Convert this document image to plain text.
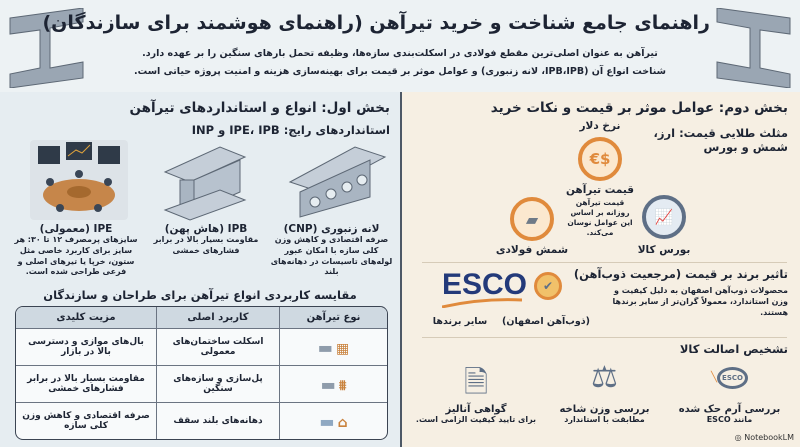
راهنمای جامع شناخت و خرید تیرآهن (راهنمای هوشمند برای سازندگان)
تیرآهن به عنوان اصلی‌ترین مقطع فولادی در اسکلت‌بندی سازه‌ها، وظیفه تحمل بارهای سنگین را بر عهده دارد.
شناخت انواع آن (IPB،IPB، لانه زنبوری) و عوامل موثر بر قیمت برای بهینه‌سازی هزینه و امنیت پروژه حیاتی است.
بخش اول: انواع و استانداردهای تیرآهن
استانداردهای رایج: IPE، IPB و INP
لانه زنبوری (CNP)
صرفه اقتصادی و کاهش وزن کلی سازه با امکان عبور لوله‌های تاسیسات در دهانه‌های بلند
IPB (هاش پهن)
مقاومت بسیار بالا در برابر فشارهای خمشی
IPE (معمولی)
سایزهای پرمصرف ۱۲ تا ۳۰: هر سایز برای کاربرد خاصی مثل ستون، خرپا یا تیرهای اصلی و فرعی طراحی شده است.
مقایسه کاربردی انواع تیرآهن برای طراحان و سازندگان
نوع تیرآهن	کاربرد اصلی	مزیت کلیدی
▦ ▬	اسکلت ساختمان‌های معمولی	بال‌های موازی و دسترسی بالا در بازار
⩩ ▬	پل‌سازی و سازه‌های سنگین	مقاومت بسیار بالا در برابر فشارهای خمشی
⌂ ▬	دهانه‌های بلند سقف	صرفه اقتصادی و کاهش وزن کلی سازه
بخش دوم: عوامل موثر بر قیمت و نکات خرید
مثلث طلایی قیمت: ارز، شمش و بورس
نرخ دلار
€$
قیمت تیرآهن
قیمت تیرآهن روزانه بر اساس این عوامل نوسان می‌کند.
▰
شمش فولادی
📈
بورس کالا
تاثیر برند بر قیمت (مرجعیت ذوب‌آهن)
محصولات ذوب‌آهن اصفهان به دلیل کیفیت و وزن استاندارد، معمولاً گران‌تر از سایر برندها هستند.
ESCO ✔
(ذوب‌آهن اصفهان)
سایر برندها
تشخیص اصالت کالا
ESCO╲
بررسی آرم حک شده
مانند ESCO
⚖
بررسی وزن شاخه
مطابقت با استاندارد
🗎
گواهی آنالیز
برای تایید کیفیت الزامی است.
◎ NotebookLM
